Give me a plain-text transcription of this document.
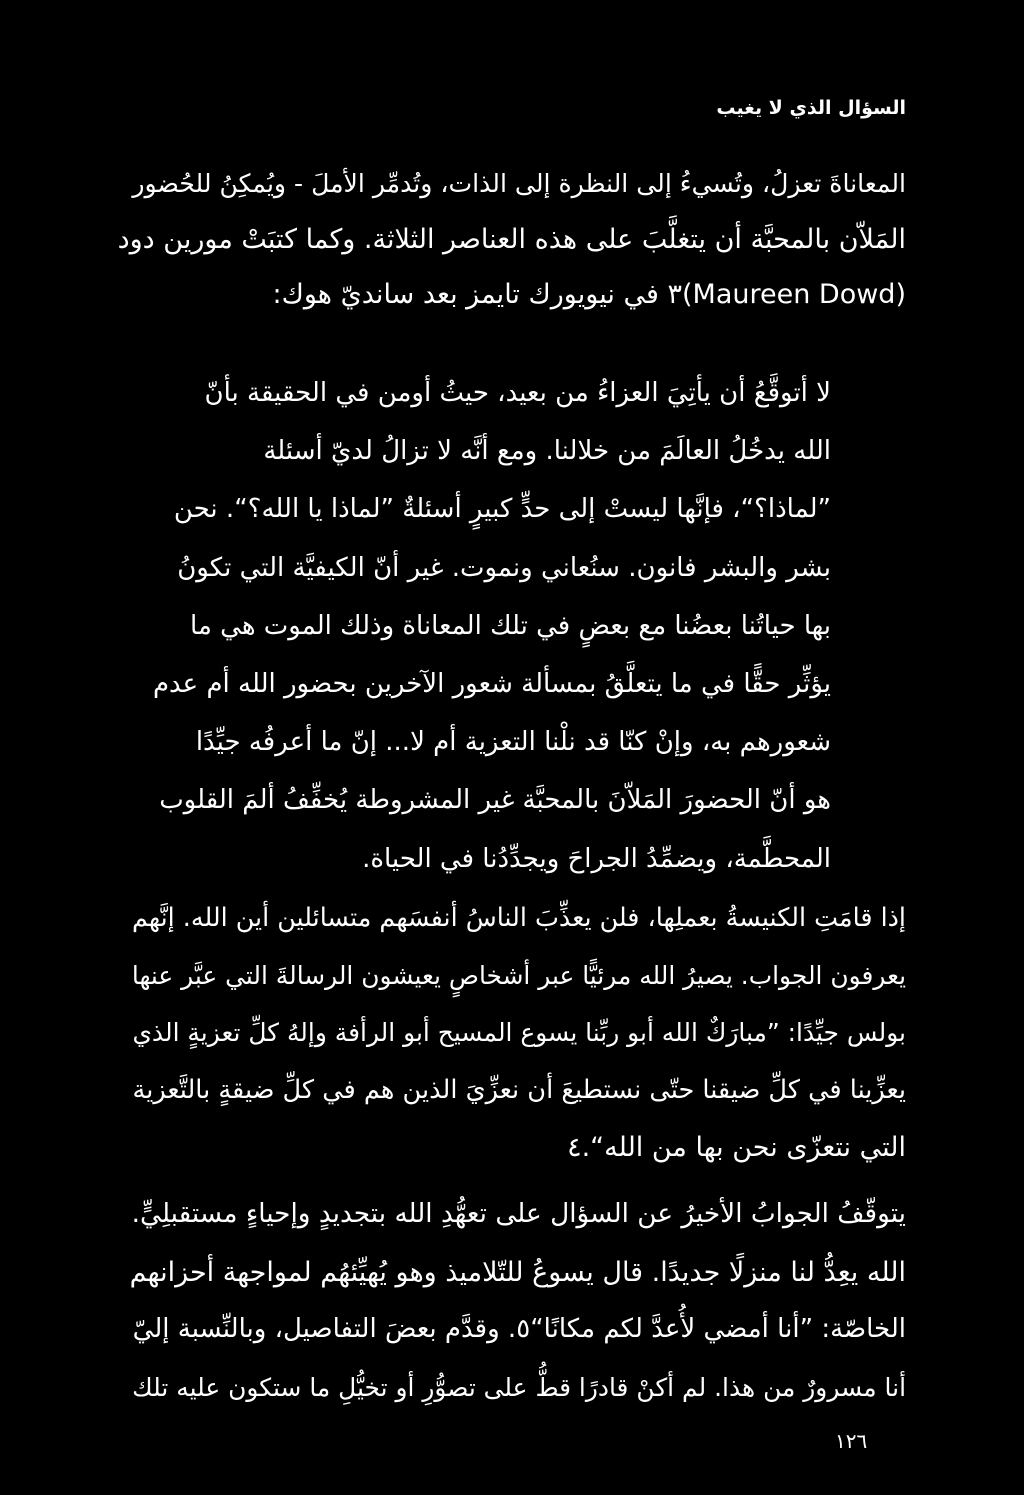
السؤال الذي لا يغيب
المعاناةَ تعزلُ، وتُسيءُ إلى النظرة إلى الذات، وتُدمِّر الأملَ - ويُمكِنُ للحُضور
المَلاّن بالمحبَّة أن يتغلَّبَ على هذه العناصر الثلاثة. وكما كتبَتْ مورين دود
(Maureen Dowd)٣ في نيويورك تايمز بعد سانديّ هوك:
لا أتوقَّعُ أن يأتِيَ العزاءُ من بعيد، حيثُ أومن في الحقيقة بأنّ
الله يدخُلُ العالَمَ من خلالنا. ومع أنَّه لا تزالُ لديّ أسئلة
”لماذا؟“، فإنَّها ليستْ إلى حدٍّ كبيرٍ أسئلةٌ ”لماذا يا الله؟“. نحن
بشر والبشر فانون. سنُعاني ونموت. غير أنّ الكيفيَّة التي تكونُ
بها حياتُنا بعضُنا مع بعضٍ في تلك المعاناة وذلك الموت هي ما
يؤثِّر حقًّا في ما يتعلَّقُ بمسألة شعور الآخرين بحضور الله أم عدم
شعورهم به، وإنْ كنّا قد نلْنا التعزية أم لا... إنّ ما أعرفُه جيِّدًا
هو أنّ الحضورَ المَلاّنَ بالمحبَّة غير المشروطة يُخفِّفُ ألمَ القلوب
المحطَّمة، ويضمِّدُ الجراحَ ويجدِّدُنا في الحياة.
إذا قامَتِ الكنيسةُ بعملِها، فلن يعذِّبَ الناسُ أنفسَهم متسائلين أين الله. إنَّهم
يعرفون الجواب. يصيرُ الله مرئيًّا عبر أشخاصٍ يعيشون الرسالةَ التي عبَّر عنها
بولس جيِّدًا: ”مبارَكٌ الله أبو ربِّنا يسوع المسيح أبو الرأفة وإلهُ كلِّ تعزيةٍ الذي
يعزِّينا في كلِّ ضيقنا حتّى نستطيعَ أن نعزِّيَ الذين هم في كلِّ ضيقةٍ بالتَّعزية
التي نتعزّى نحن بها من الله“.٤
يتوقّفُ الجوابُ الأخيرُ عن السؤال على تعهُّدِ الله بتجديدٍ وإحياءٍ مستقبلِيٍّ.
الله يعِدُّ لنا منزلًا جديدًا. قال يسوعُ للتّلاميذ وهو يُهيِّئهُم لمواجهة أحزانهم
الخاصّة: ”أنا أمضي لأُعدَّ لكم مكانًا“٥. وقدَّم بعضَ التفاصيل، وبالنِّسبة إليّ
أنا مسرورٌ من هذا. لم أكنْ قادرًا قطُّ على تصوُّرِ أو تخيُّلِ ما ستكون عليه تلك
١٢٦
